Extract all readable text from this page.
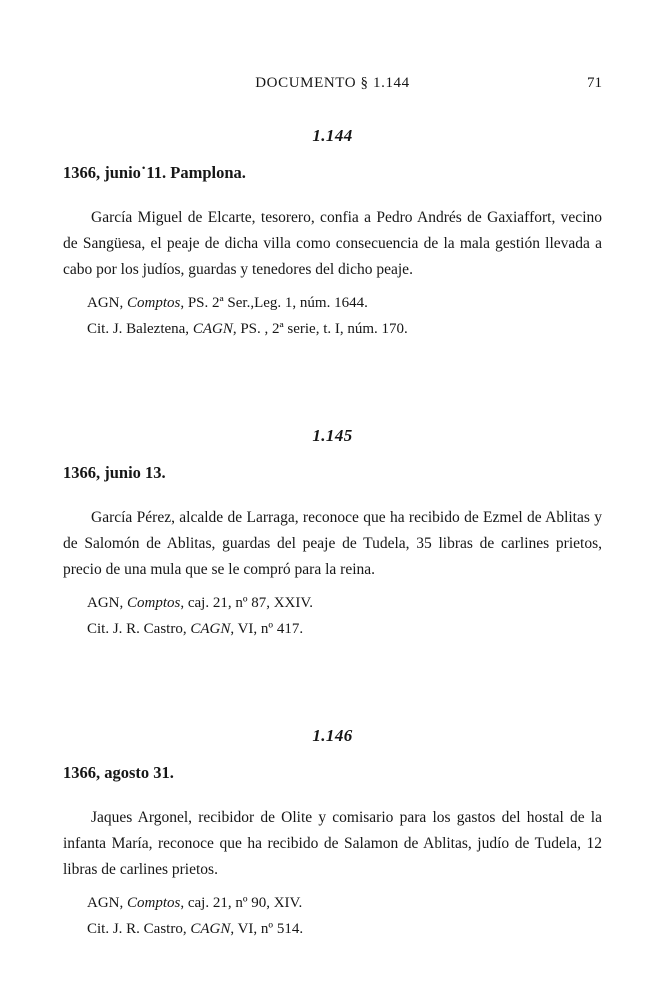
DOCUMENTO § 1.144	71
1.144
1366, junio˙11. Pamplona.

García Miguel de Elcarte, tesorero, confia a Pedro Andrés de Gaxiaffort, vecino de Sangüesa, el peaje de dicha villa como consecuencia de la mala gestión llevada a cabo por los judíos, guardas y tenedores del dicho peaje.

AGN, Comptos, PS. 2ª Ser.,Leg. 1, núm. 1644.

Cit. J. Baleztena, CAGN, PS. , 2ª serie, t. I, núm. 170.

1.145
1366, junio 13.

García Pérez, alcalde de Larraga, reconoce que ha recibido de Ezmel de Ablitas y de Salomón de Ablitas, guardas del peaje de Tudela, 35 libras de carlines prietos, precio de una mula que se le compró para la reina.

AGN, Comptos, caj. 21, nº 87, XXIV.

Cit. J. R. Castro, CAGN, VI, nº 417.

1.146
1366, agosto 31.

Jaques Argonel, recibidor de Olite y comisario para los gastos del hostal de la infanta María, reconoce que ha recibido de Salamon de Ablitas, judío de Tudela, 12 libras de carlines prietos.

AGN, Comptos, caj. 21, nº 90, XIV.

Cit. J. R. Castro, CAGN, VI, nº 514.
